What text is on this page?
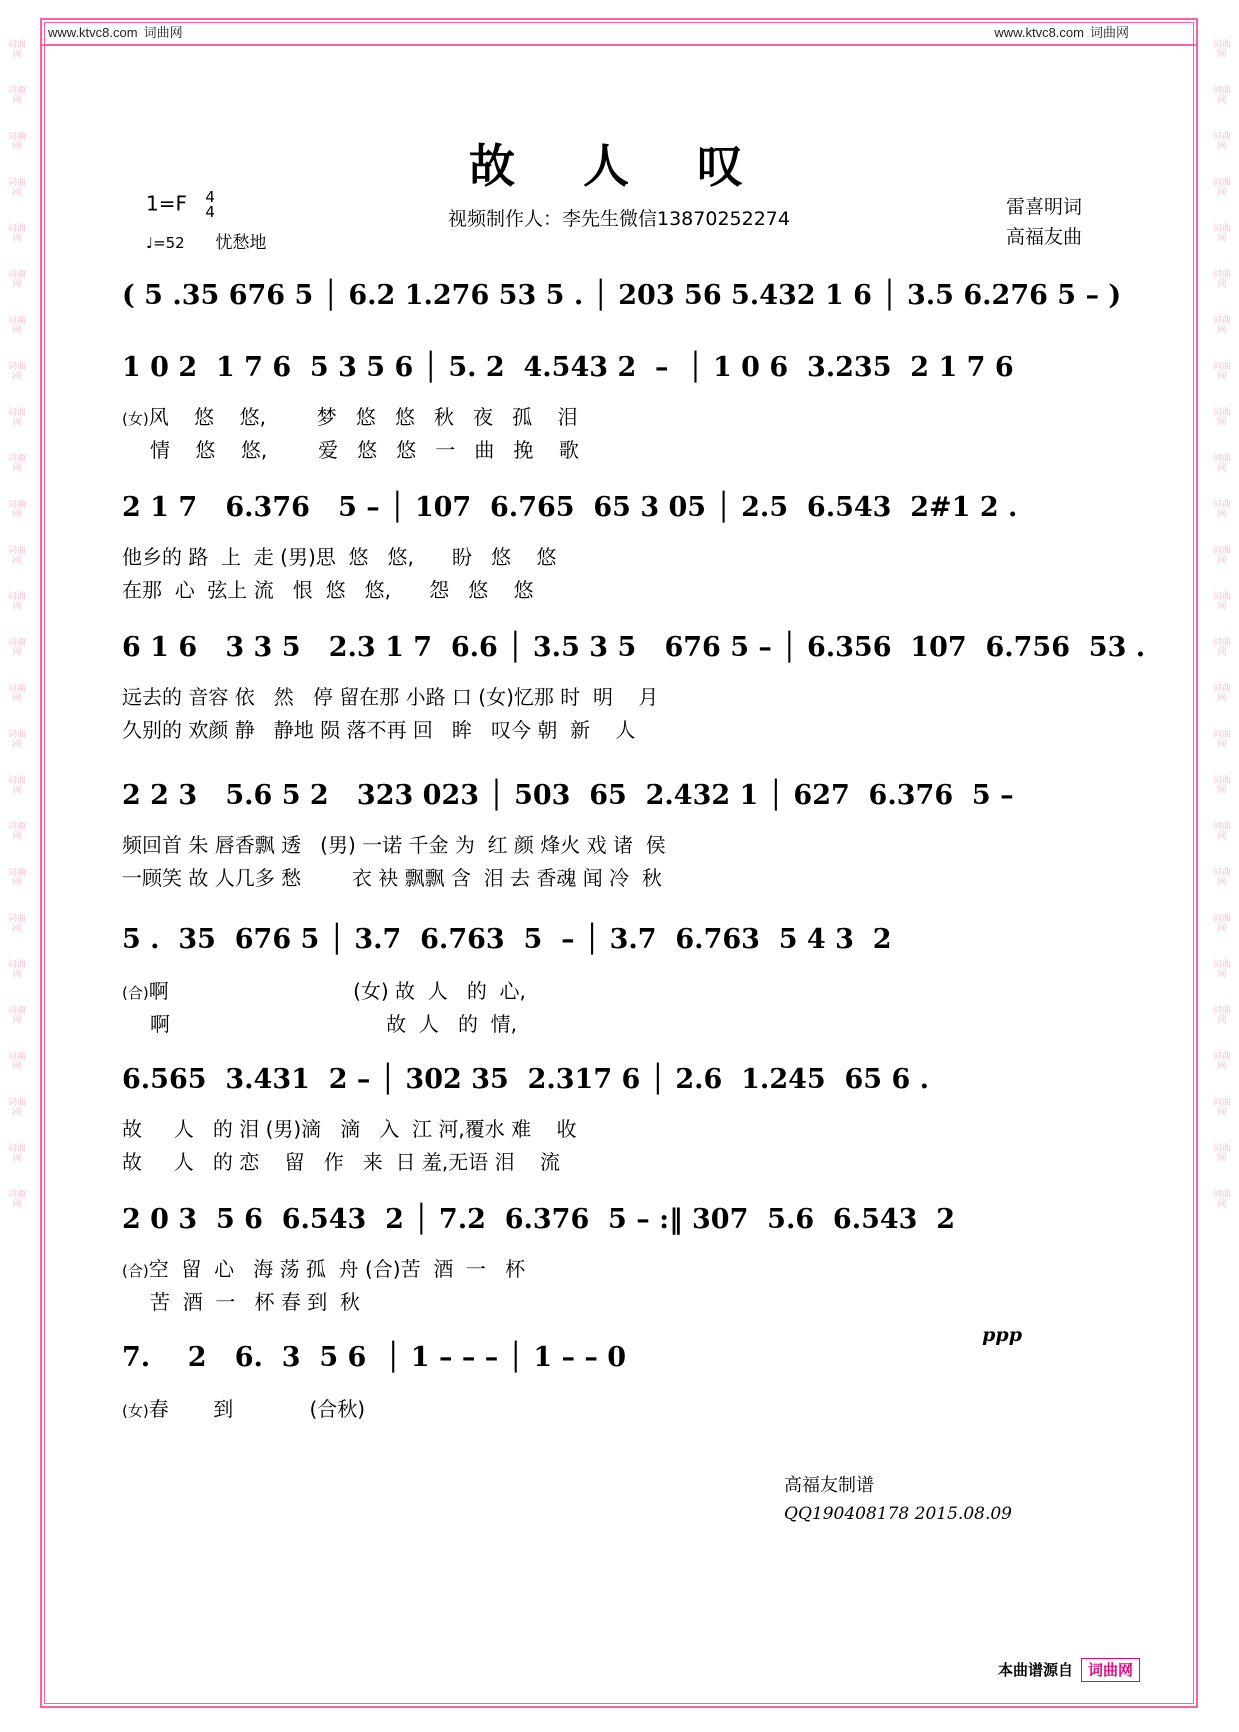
词曲网
词曲网
词曲网
词曲网
词曲网
词曲网
词曲网
词曲网
词曲网
词曲网
词曲网
词曲网
词曲网
词曲网
词曲网
词曲网
词曲网
词曲网
词曲网
词曲网
词曲网
词曲网
词曲网
词曲网
词曲网
词曲网
词曲网
词曲网
词曲网
词曲网
词曲网
词曲网
词曲网
词曲网
词曲网
词曲网
词曲网
词曲网
词曲网
词曲网
词曲网
词曲网
词曲网
词曲网
词曲网
词曲网
词曲网
词曲网
词曲网
词曲网
词曲网
词曲网
www.ktvc8.com 词曲网	www.ktvc8.com 词曲网
故 人 叹
视频制作人：李先生微信13870252274
1=F 4
4
♩=52 忧愁地
雷喜明词
高福友曲
( 5 .35 676 5 │ 6.2 1.276 53 5 . │ 203 56 5.432 1 6 │ 3.5 6.276 5 – )
1 0 2  1 7 6  5 3 5 6 │ 5. 2  4.543 2  –  │ 1 0 6  3.235  2 1 7 6
(女)风    悠    悠,        梦   悠   悠   秋   夜   孤    泪
情    悠    悠,        爱   悠   悠   一   曲   挽    歌
2 1 7   6.376   5 – │ 107  6.765  65 3 05 │ 2.5  6.543  2#1 2 .
他乡的 路  上  走 (男)思  悠   悠,      盼   悠    悠
在那  心  弦上 流   恨  悠   悠,      怨   悠    悠
6 1 6   3 3 5   2.3 1 7  6.6 │ 3.5 3 5   676 5 – │ 6.356  107  6.756  53 .
远去的 音容 依   然   停 留在那 小路 口 (女)忆那 时  明    月
久别的 欢颜 静   静地 陨 落不再 回   眸   叹今 朝  新    人
2 2 3   5.6 5 2   323 023 │ 503  65  2.432 1 │ 627  6.376  5 –
频回首 朱 唇香飘 透   (男) 一诺 千金 为  红 颜 烽火 戏 诸  侯
一顾笑 故 人几多 愁        衣 袂 飘飘 含  泪 去 香魂 闻 冷  秋
5 .  35  676 5 │ 3.7  6.763  5  – │ 3.7  6.763  5 4 3  2
(合)啊                             (女) 故  人   的  心,
啊                                  故  人   的  情,
6.565  3.431  2 – │ 302 35  2.317 6 │ 2.6  1.245  65 6 .
故     人   的 泪 (男)滴   滴   入  江 河,覆水 难    收
故     人   的 恋    留   作   来  日 羞,无语 泪    流
2 0 3  5 6  6.543  2 │ 7.2  6.376  5 – :‖ 307  5.6  6.543  2
(合)空  留  心   海 荡 孤  舟 (合)苦  酒  一   杯
苦  酒  一   杯 春 到  秋
7.    2   6.  3  5 6  │ 1 – – – │ 1 – – 0
(女)春       到            (合秋)
ppp
高福友制谱
QQ190408178 2015.08.09
本曲谱源自 词曲网
